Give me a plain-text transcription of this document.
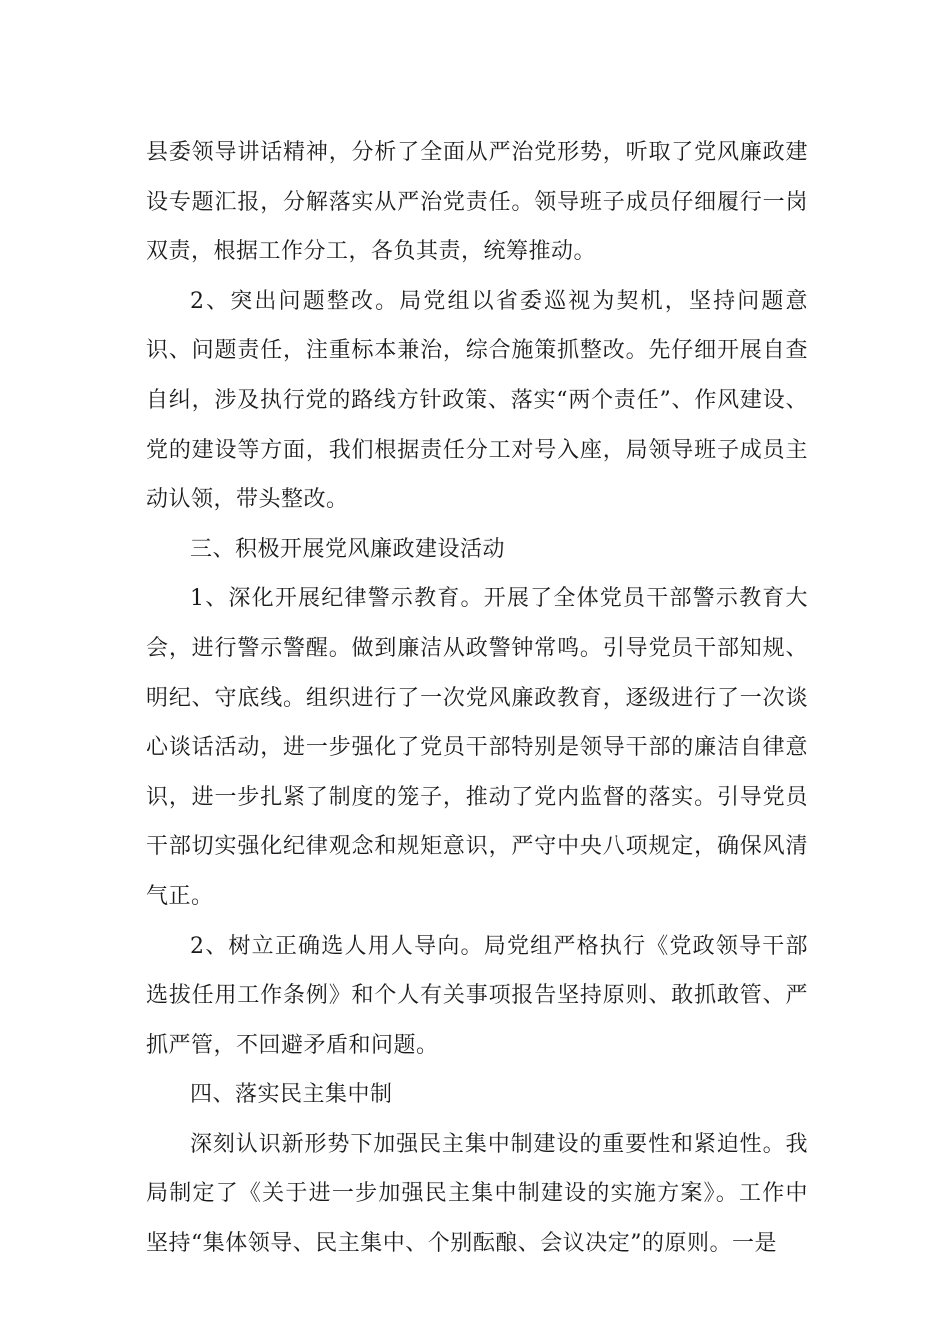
县委领导讲话精神，分析了全面从严治党形势，听取了党风廉政建设专题汇报，分解落实从严治党责任。领导班子成员仔细履行一岗双责，根据工作分工，各负其责，统筹推动。

2、突出问题整改。局党组以省委巡视为契机，坚持问题意识、问题责任，注重标本兼治，综合施策抓整改。先仔细开展自查自纠，涉及执行党的路线方针政策、落实“两个责任”、作风建设、党的建设等方面，我们根据责任分工对号入座，局领导班子成员主动认领，带头整改。

三、积极开展党风廉政建设活动

1、深化开展纪律警示教育。开展了全体党员干部警示教育大会，进行警示警醒。做到廉洁从政警钟常鸣。引导党员干部知规、明纪、守底线。组织进行了一次党风廉政教育，逐级进行了一次谈心谈话活动，进一步强化了党员干部特别是领导干部的廉洁自律意识，进一步扎紧了制度的笼子，推动了党内监督的落实。引导党员干部切实强化纪律观念和规矩意识，严守中央八项规定，确保风清气正。

2、树立正确选人用人导向。局党组严格执行《党政领导干部选拔任用工作条例》和个人有关事项报告坚持原则、敢抓敢管、严抓严管，不回避矛盾和问题。

四、落实民主集中制

深刻认识新形势下加强民主集中制建设的重要性和紧迫性。我局制定了《关于进一步加强民主集中制建设的实施方案》。工作中坚持“集体领导、民主集中、个别酝酿、会议决定”的原则。一是
